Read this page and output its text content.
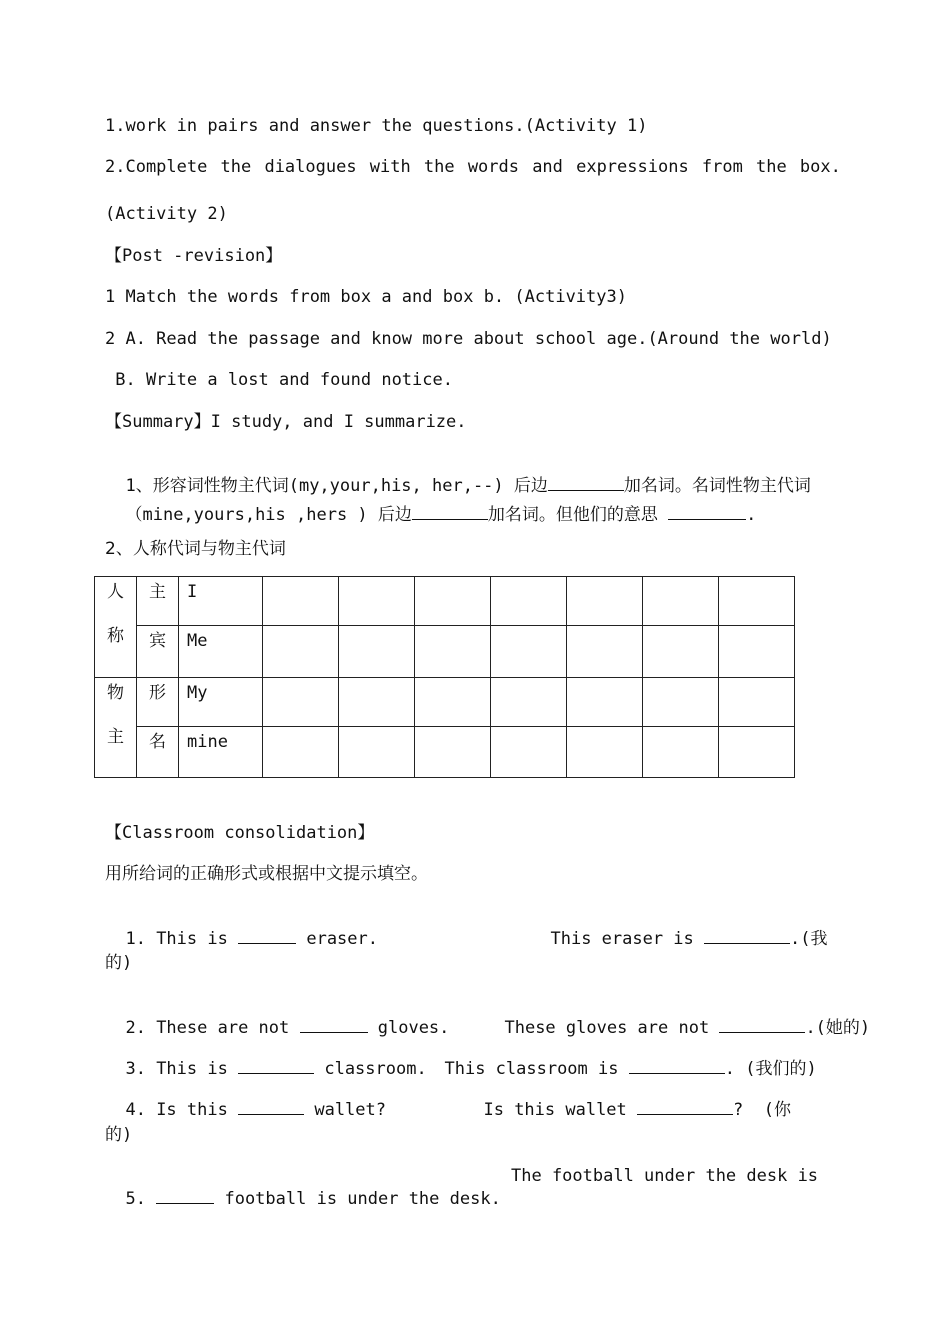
1.work in pairs and answer the questions.(Activity 1)
2.Complete the dialogues with the words and expressions from the box.
(Activity 2)
【Post -revision】
1 Match the words from box a and box b. (Activity3)
2 A. Read the passage and know more about school age.(Around the world)
B. Write a lost and found notice.
【Summary】I study, and I summarize.

1、形容词性物主代词(my,your,his, her,--) 后边	加名词。名词性物主代词

（mine,yours,his ,hers ) 后边	加名词。但他们的意思	.

2、人称代词与物主代词
人
称	主	I							
	宾	Me							

物
主	形	My							
	名	mine							
【Classroom consolidation】
用所给词的正确形式或根据中文提示填空。

1. This is	eraser.	This eraser is	.(我

的)

2. These are not	gloves.	These gloves are not	.(她的)

3. This is	classroom.	This classroom is	. (我们的)

4. Is this	wallet?	Is this wallet	?  (你

的)

5.	football is under the desk.

The football under the desk is
